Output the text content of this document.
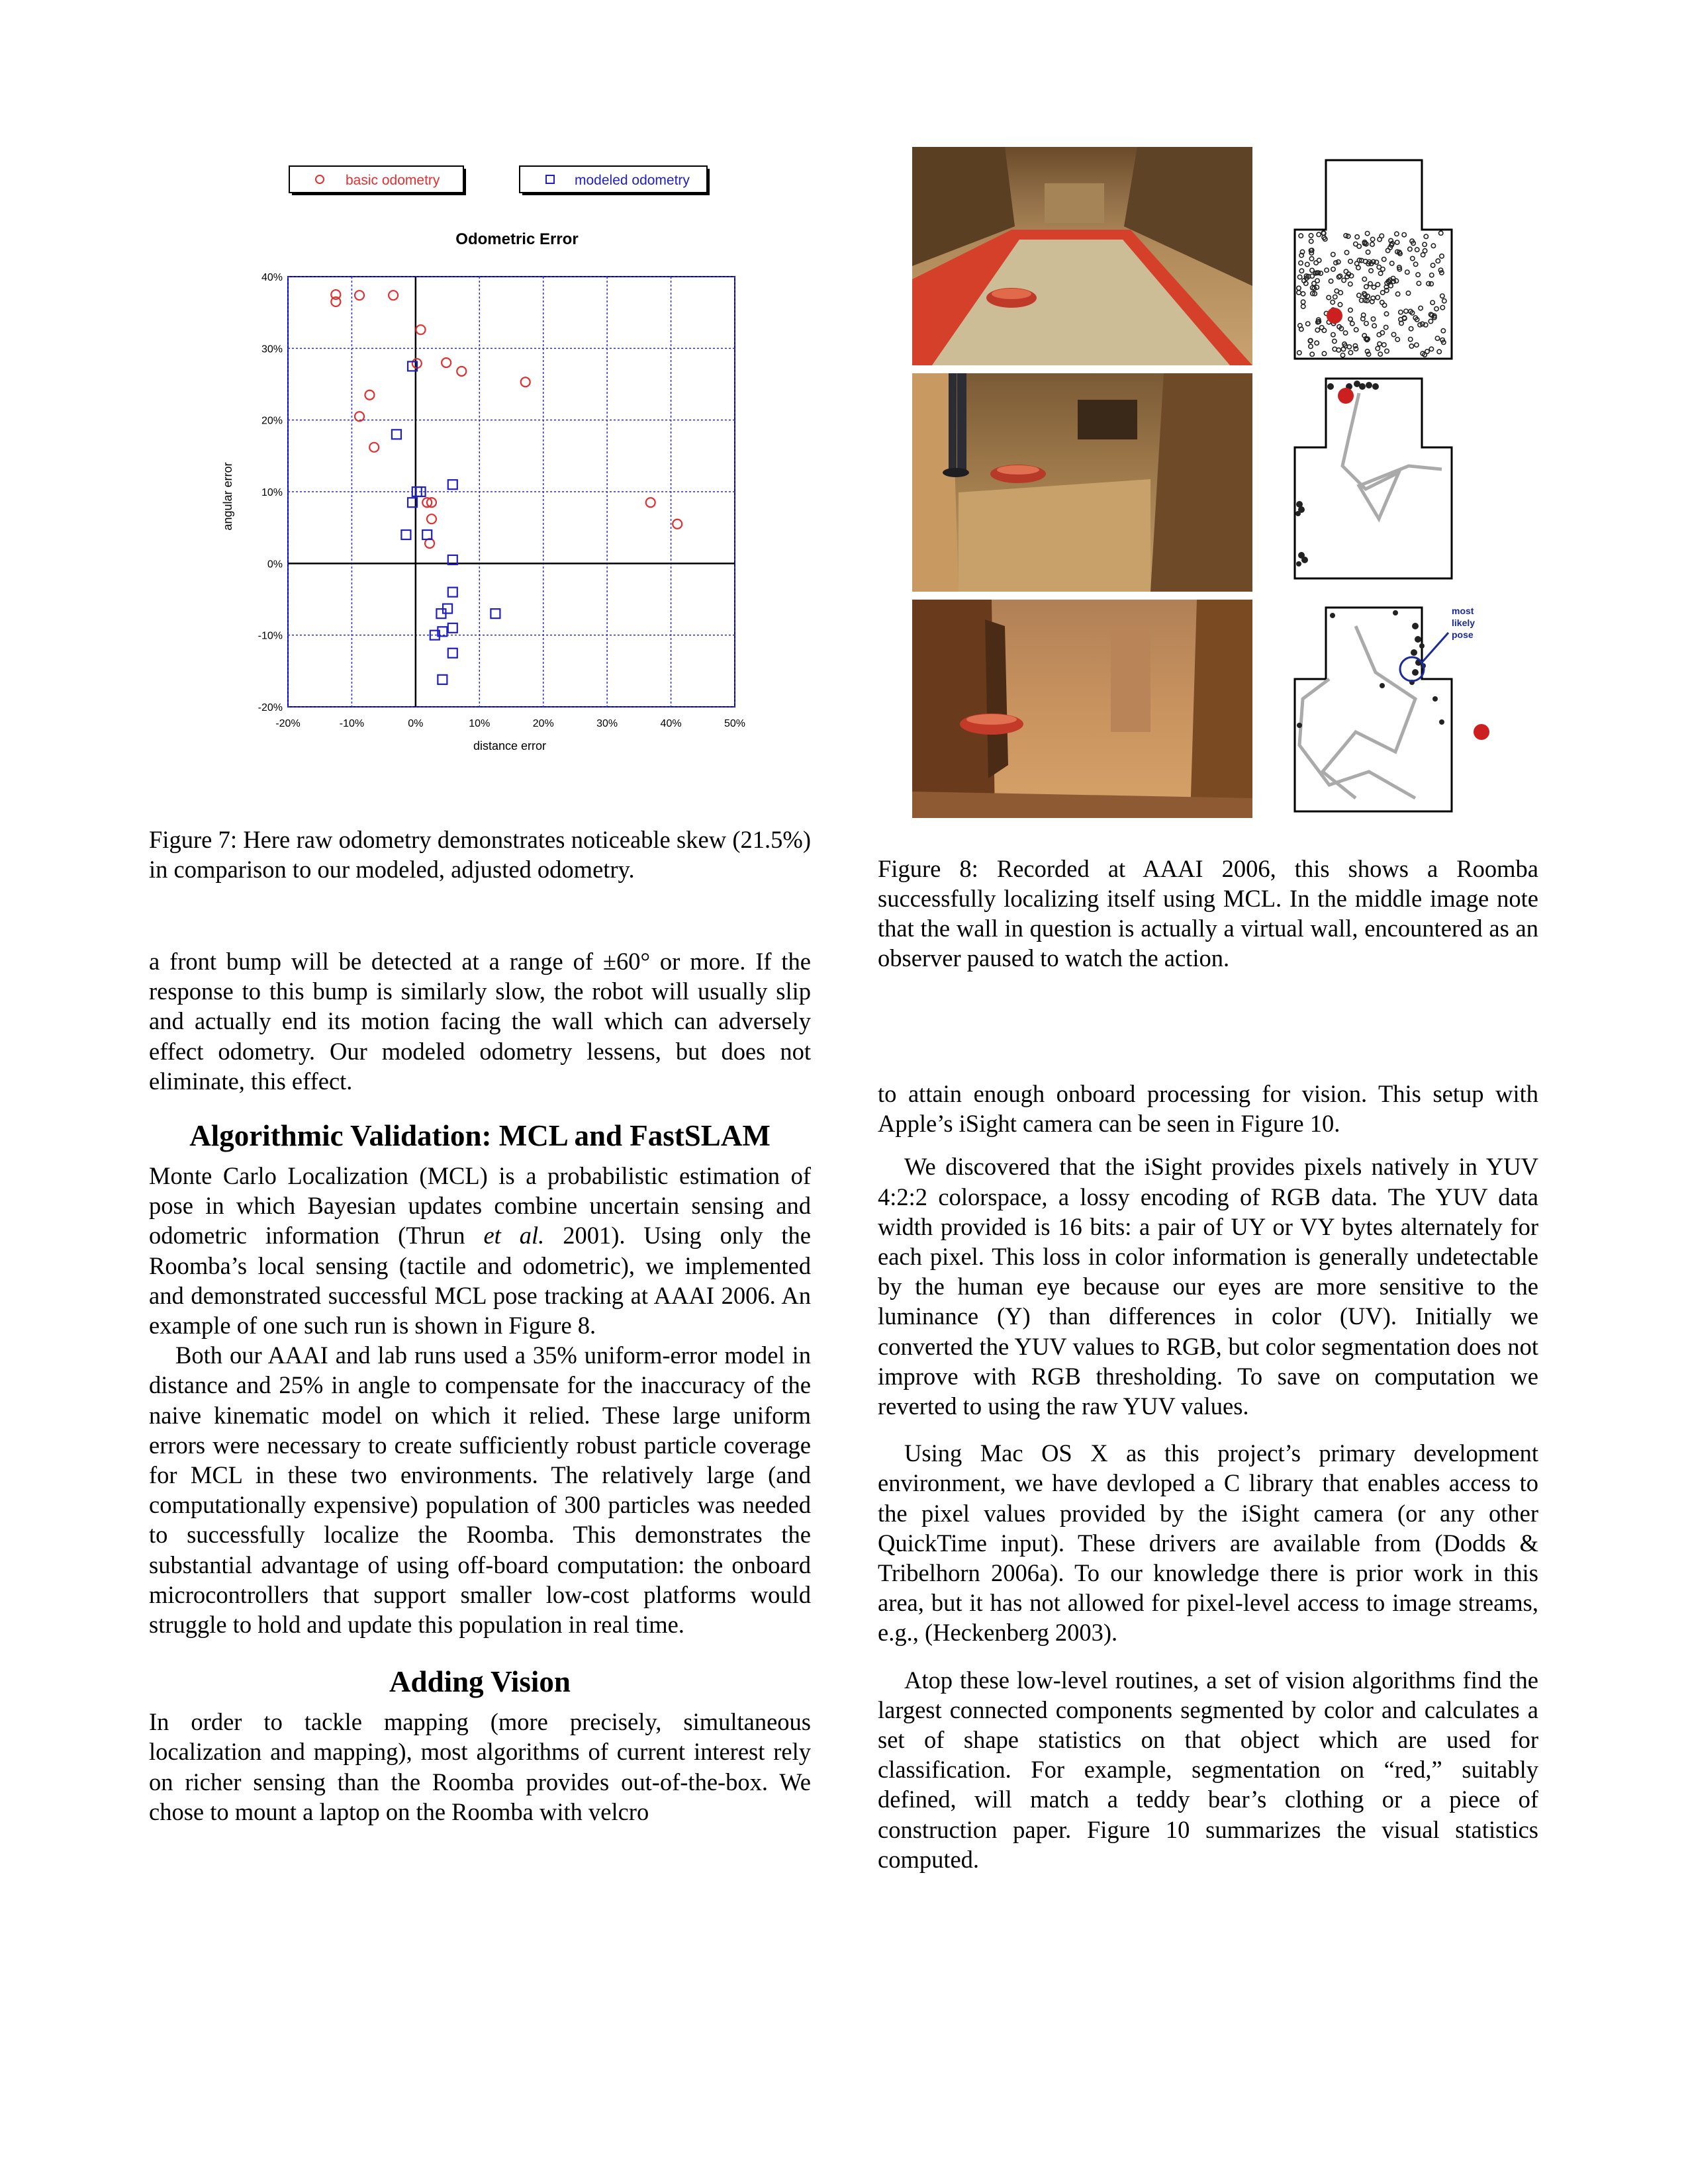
basic odometry	modeled odometry
Odometric Error
-20%	-10%	0%	10%	20%	30%	40%	50%
40%
30%
20%
10%
0%
-10%
-20%
distance error
angular error

Figure 7: Here raw odometry demonstrates noticeable skew (21.5%) in comparison to our modeled, adjusted odometry.

most
likely
pose

Figure 8: Recorded at AAAI 2006, this shows a Roomba successfully localizing itself using MCL. In the middle image note that the wall in question is actually a virtual wall, encountered as an observer paused to watch the action.

a front bump will be detected at a range of ±60° or more. If the response to this bump is similarly slow, the robot will usually slip and actually end its motion facing the wall which can adversely effect odometry. Our modeled odometry lessens, but does not eliminate, this effect.

Algorithmic Validation: MCL and FastSLAM

Monte Carlo Localization (MCL) is a probabilistic estimation of pose in which Bayesian updates combine uncertain sensing and odometric information (Thrun et al. 2001). Using only the Roomba’s local sensing (tactile and odometric), we implemented and demonstrated successful MCL pose tracking at AAAI 2006. An example of one such run is shown in Figure 8.

Both our AAAI and lab runs used a 35% uniform-error model in distance and 25% in angle to compensate for the inaccuracy of the naive kinematic model on which it relied. These large uniform errors were necessary to create sufficiently robust particle coverage for MCL in these two environments. The relatively large (and computationally expensive) population of 300 particles was needed to successfully localize the Roomba. This demonstrates the substantial advantage of using off-board computation: the onboard microcontrollers that support smaller low-cost platforms would struggle to hold and update this population in real time.

Adding Vision

In order to tackle mapping (more precisely, simultaneous localization and mapping), most algorithms of current interest rely on richer sensing than the Roomba provides out-of-the-box. We chose to mount a laptop on the Roomba with velcro

to attain enough onboard processing for vision. This setup with Apple’s iSight camera can be seen in Figure 10.

We discovered that the iSight provides pixels natively in YUV 4:2:2 colorspace, a lossy encoding of RGB data. The YUV data width provided is 16 bits: a pair of UY or VY bytes alternately for each pixel. This loss in color information is generally undetectable by the human eye because our eyes are more sensitive to the luminance (Y) than differences in color (UV). Initially we converted the YUV values to RGB, but color segmentation does not improve with RGB thresholding. To save on computation we reverted to using the raw YUV values.

Using Mac OS X as this project’s primary development environment, we have devloped a C library that enables access to the pixel values provided by the iSight camera (or any other QuickTime input). These drivers are available from (Dodds & Tribelhorn 2006a). To our knowledge there is prior work in this area, but it has not allowed for pixel-level access to image streams, e.g., (Heckenberg 2003).

Atop these low-level routines, a set of vision algorithms find the largest connected components segmented by color and calculates a set of shape statistics on that object which are used for classification. For example, segmentation on “red,” suitably defined, will match a teddy bear’s clothing or a piece of construction paper. Figure 10 summarizes the visual statistics computed.
